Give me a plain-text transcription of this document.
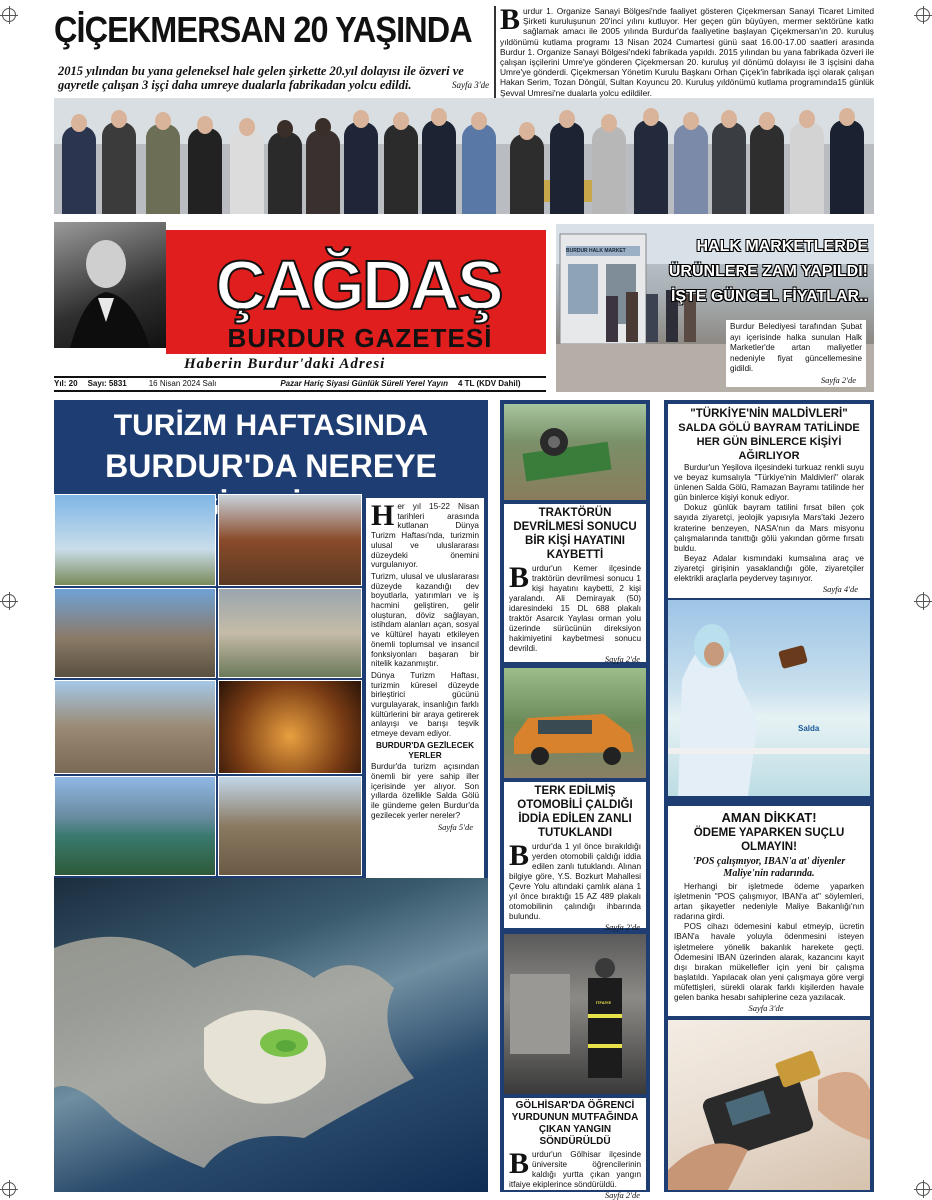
ÇİÇEKMERSAN 20 YAŞINDA
2015 yılından bu yana geleneksel hale gelen şirkette 20.yıl dolayısı ile özveri ve gayretle çalışan 3 işçi daha umreye dualarla fabrikadan yolcu edildi.
Burdur 1. Organize Sanayi Bölgesi'nde faaliyet gösteren Çiçekmersan Sanayi Ticaret Limited Şirketi kuruluşunun 20'inci yılını kutluyor. Her geçen gün büyüyen, mermer sektörüne katkı sağlamak amacı ile 2005 yılında Burdur'da faaliyetine başlayan Çiçekmersan'ın 20. kuruluş yıldönümü kutlama programı 13 Nisan 2024 Cumartesi günü saat 16.00-17.00 saatleri arasında Burdur 1. Organize Sanayi Bölgesi'ndeki fabrikada yapıldı. 2015 yılından bu yana fabrikada özveri ile çalışan işçilerini Umre'ye gönderen Çiçekmersan 20. kuruluş yıl dönümü dolayısı ile 3 işçisini daha Umre'ye gönderdi. Çiçekmersan Yönetim Kurulu Başkanı Orhan Çiçek'in fabrikada işçi olarak çalışan Hakan Serim, Tozan Döngül, Sultan Koyuncu 20. Kuruluş yıldönümü kutlama programında15 günlük Şevval Umresi'ne dualarla yolcu edildiler.
Sayfa 3'de
ÇAĞDAŞ
BURDUR GAZETESİ
Haberin Burdur'daki Adresi
Yıl: 20 Sayı: 5831	16 Nisan 2024 Salı	Pazar Hariç Siyasi Günlük Süreli Yerel Yayın 4 TL (KDV Dahil)
BURDUR HALK MARKET	HALK MARKETLERDE
ÜRÜNLERE ZAM YAPILDI!
İŞTE GÜNCEL FİYATLAR..
Burdur Belediyesi tarafından Şubat ayı içerisinde halka sunulan Halk Marketler'de artan maliyetler nedeniyle fiyat güncellemesine gidildi.
Sayfa 2'de
TURİZM HAFTASINDA
BURDUR'DA NEREYE

Her yıl 15-22 Nisan tarihleri arasında kutlanan Dünya Turizm Haftası'nda, turizmin ulusal ve uluslararası düzeydeki önemini vurgulanıyor.

Turizm, ulusal ve uluslararası düzeyde kazandığı dev boyutlarla, yatırımları ve iş hacmini geliştiren, gelir oluşturan, döviz sağlayan, istihdam alanları açan, sosyal ve kültürel hayatı etkileyen önemli toplumsal ve insancıl fonksiyonları başaran bir nitelik kazanmıştır.

Dünya Turizm Haftası, turizmin küresel düzeyde birleştirici gücünü vurgulayarak, insanlığın farklı kültürlerini bir araya getirerek anlayışı ve barışı teşvik etmeye devam ediyor.

BURDUR'DA GEZİLECEK YERLER

Burdur'da turizm açısından önemli bir yere sahip iller içerisinde yer alıyor. Son yıllarda özellikle Salda Gölü ile gündeme gelen Burdur'da gezilecek yerler nereler?

Sayfa 5'de
TRAKTÖRÜN DEVRİLMESİ SONUCU BİR KİŞİ HAYATINI KAYBETTİ
Burdur'un Kemer ilçesinde traktörün devrilmesi sonucu 1 kişi hayatını kaybetti, 2 kişi yaralandı. Ali Demirayak (50) idaresindeki 15 DL 688 plakalı traktör Asarcık Yaylası orman yolu üzerinde sürücünün direksiyon hakimiyetini kaybetmesi sonucu devrildi.
Sayfa 2'de
TERK EDİLMİŞ OTOMOBİLİ ÇALDIĞI İDDİA EDİLEN ZANLI TUTUKLANDI
Burdur'da 1 yıl önce bırakıldığı yerden otomobili çaldığı iddia edilen zanlı tutuklandı. Alınan bilgiye göre, Y.S. Bozkurt Mahallesi Çevre Yolu altındaki çamlık alana 1 yıl önce bıraktığı 15 AZ 489 plakalı otomobilinin çalındığı ihbarında bulundu.
Sayfa 2'de
İTFAİYE
GÖLHİSAR'DA ÖĞRENCİ YURDUNUN MUTFAĞINDA ÇIKAN YANGIN SÖNDÜRÜLDÜ
Burdur'un Gölhisar ilçesinde üniversite öğrencilerinin kaldığı yurtta çıkan yangın itfaiye ekiplerince söndürüldü.
Sayfa 2'de
"TÜRKİYE'NİN MALDİVLERİ"
SALDA GÖLÜ BAYRAM TATİLİNDE HER GÜN BİNLERCE KİŞİYİ AĞIRLIYOR

Burdur'un Yeşilova ilçesindeki turkuaz renkli suyu ve beyaz kumsalıyla "Türkiye'nin Maldivleri" olarak ünlenen Salda Gölü, Ramazan Bayramı tatilinde her gün binlerce kişiyi konuk ediyor.

Dokuz günlük bayram tatilini fırsat bilen çok sayıda ziyaretçi, jeolojik yapısıyla Mars'taki Jezero kraterine benzeyen, NASA'nın da Mars misyonu çalışmalarında tanıttığı gölü yakından görme fırsatı buldu.

Beyaz Adalar kısmındaki kumsalına araç ve ziyaretçi girişinin yasaklandığı göle, ziyaretçiler elektrikli araçlarla peydervey taşınıyor.

Sayfa 4'de
Salda
AMAN DİKKAT!
ÖDEME YAPARKEN SUÇLU OLMAYIN!
'POS çalışmıyor, IBAN'a at' diyenler Maliye'nin radarında.

Herhangi bir işletmede ödeme yaparken işletmenin "POS çalışmıyor, IBAN'a at" söylemleri, artan şikayetler nedeniyle Maliye Bakanlığı'nın radarına girdi.

POS cihazı ödemesini kabul etmeyip, ücretin IBAN'a havale yoluyla ödenmesini isteyen işletmelere yönelik bakanlık harekete geçti. Ödemesini IBAN üzerinden alarak, kazancını kayıt dışı bırakan mükellefler için yeni bir çalışma başlatıldı. Yapılacak olan yeni çalışmaya göre vergi müfettişleri, sürekli olarak farklı kişilerden havale gelen banka hesabı sahiplerine ceza yazılacak.

Sayfa 3'de
